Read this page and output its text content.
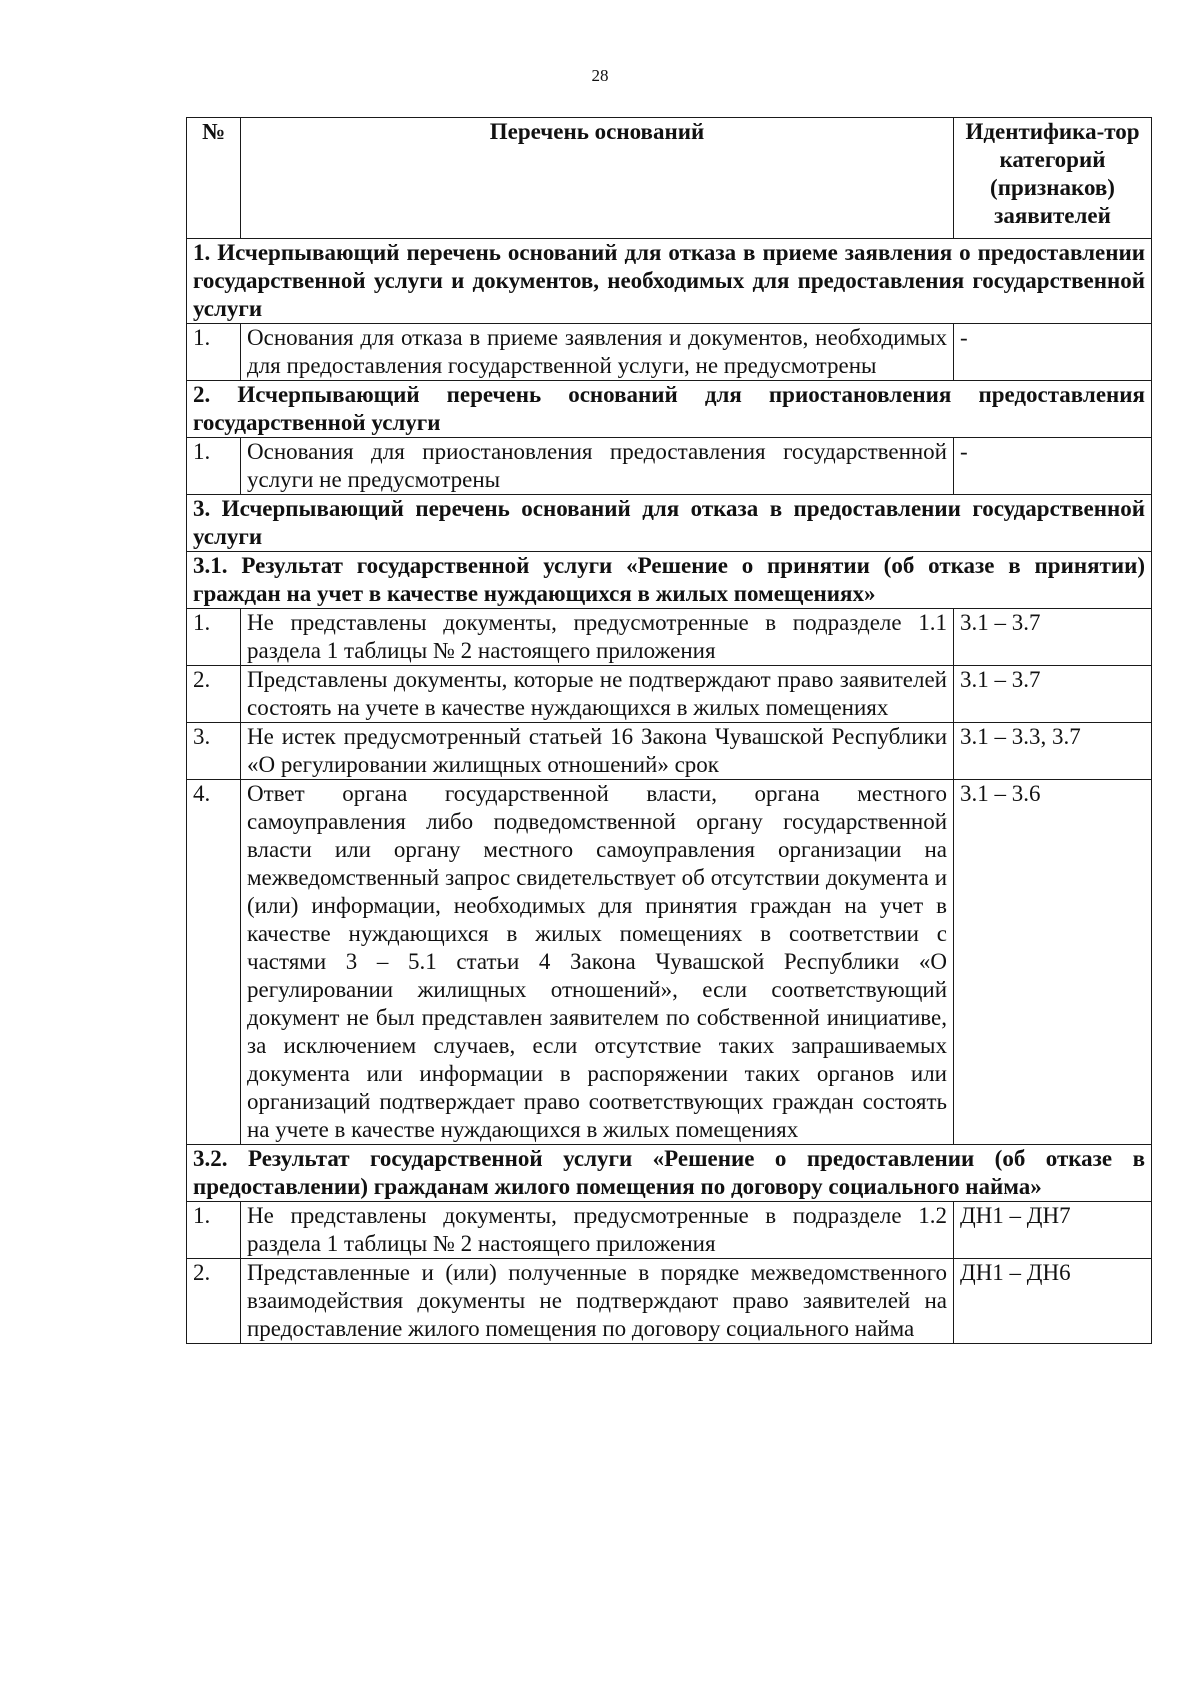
28
№	Перечень оснований	Идентифика-тор категорий (признаков) заявителей
1. Исчерпывающий перечень оснований для отказа в приеме заявления о предоставлении государственной услуги и документов, необходимых для предоставления государственной услуги		
1.	Основания для отказа в приеме заявления и документов, необходимых для предоставления государственной услуги, не предусмотрены	-
2. Исчерпывающий перечень оснований для приостановления предоставления государственной услуги		
1.	Основания для приостановления предоставления государственной услуги не предусмотрены	-
3. Исчерпывающий перечень оснований для отказа в предоставлении государственной услуги		
3.1. Результат государственной услуги «Решение о принятии (об отказе в принятии) граждан на учет в качестве нуждающихся в жилых помещениях»		
1.	Не представлены документы, предусмотренные в подразделе 1.1 раздела 1 таблицы № 2 настоящего приложения	3.1 – 3.7
2.	Представлены документы, которые не подтверждают право заявителей состоять на учете в качестве нуждающихся в жилых помещениях	3.1 – 3.7
3.	Не истек предусмотренный статьей 16 Закона Чувашской Республики «О регулировании жилищных отношений» срок	3.1 – 3.3, 3.7
4.	Ответ органа государственной власти, органа местного самоуправления либо подведомственной органу государственной власти или органу местного самоуправления организации на межведомственный запрос свидетельствует об отсутствии документа и (или) информации, необходимых для принятия граждан на учет в качестве нуждающихся в жилых помещениях в соответствии с частями 3 – 5.1 статьи 4 Закона Чувашской Республики «О регулировании жилищных отношений», если соответствующий документ не был представлен заявителем по собственной инициативе, за исключением случаев, если отсутствие таких запрашиваемых документа или информации в распоряжении таких органов или организаций подтверждает право соответствующих граждан состоять на учете в качестве нуждающихся в жилых помещениях	3.1 – 3.6
3.2. Результат государственной услуги «Решение о предоставлении (об отказе в предоставлении) гражданам жилого помещения по договору социального найма»		
1.	Не представлены документы, предусмотренные в подразделе 1.2 раздела 1 таблицы № 2 настоящего приложения	ДН1 – ДН7
2.	Представленные и (или) полученные в порядке межведомственного взаимодействия документы не подтверждают право заявителей на предоставление жилого помещения по договору социального найма	ДН1 – ДН6
